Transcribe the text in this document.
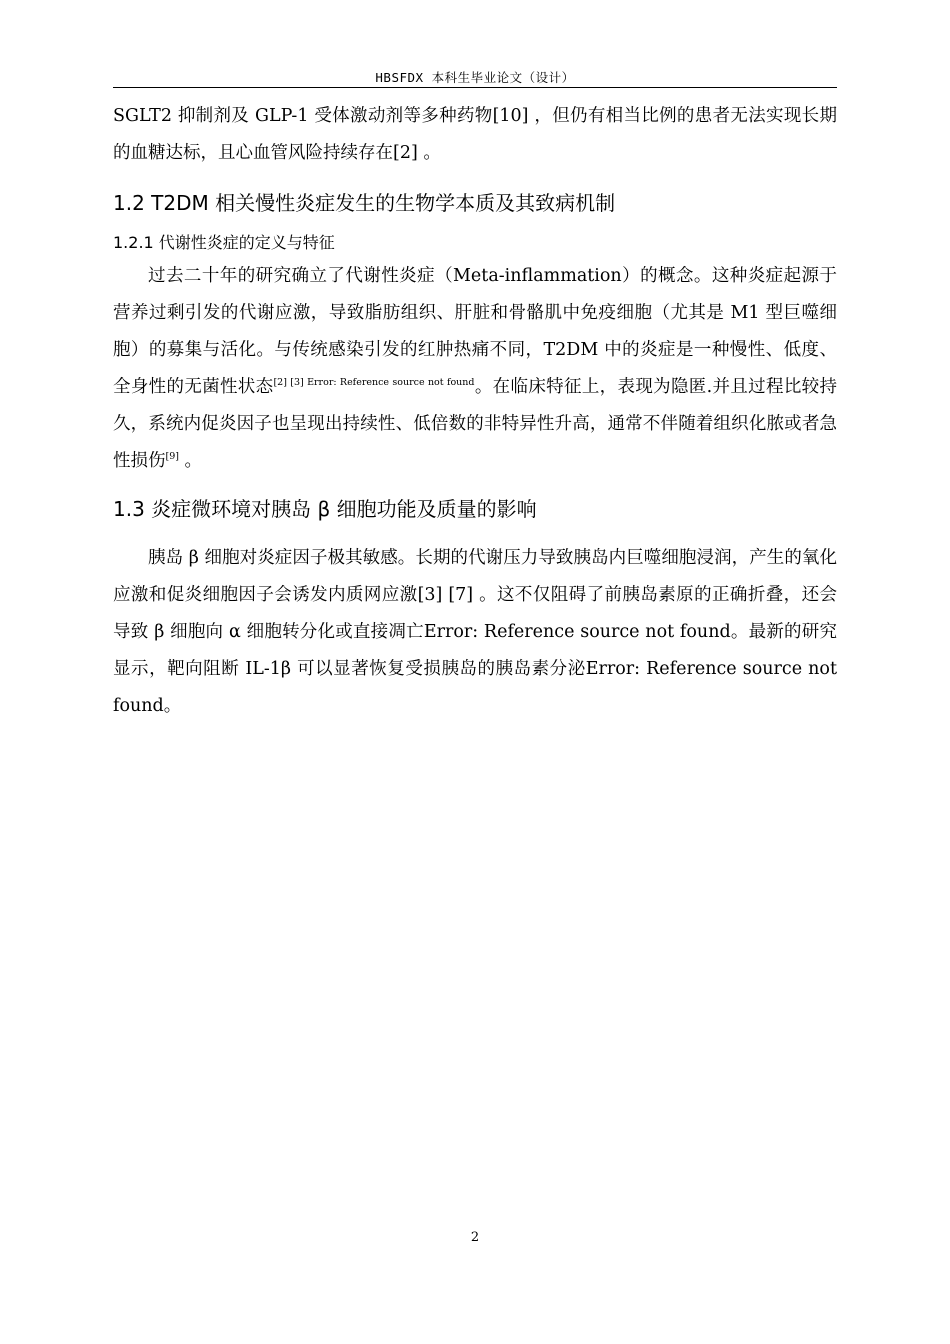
HBSFDX 本科生毕业论文（设计）

SGLT2 抑制剂及 GLP-1 受体激动剂等多种药物[10] ，但仍有相当比例的患者无法实现长期的血糖达标，且心血管风险持续存在[2] 。

1.2 T2DM 相关慢性炎症发生的生物学本质及其致病机制
1.2.1 代谢性炎症的定义与特征

过去二十年的研究确立了代谢性炎症（Meta-inflammation）的概念。这种炎症起源于营养过剩引发的代谢应激，导致脂肪组织、肝脏和骨骼肌中免疫细胞（尤其是 M1 型巨噬细胞）的募集与活化。与传统感染引发的红肿热痛不同，T2DM 中的炎症是一种慢性、低度、全身性的无菌性状态$^{[2] [3] Error: Reference source not found}$。在临床特征上，表现为隐匿.并且过程比较持久，系统内促炎因子也呈现出持续性、低倍数的非特异性升高，通常不伴随着组织化脓或者急性损伤[9] 。

1.3 炎症微环境对胰岛 β 细胞功能及质量的影响

胰岛 β 细胞对炎症因子极其敏感。长期的代谢压力导致胰岛内巨噬细胞浸润，产生的氧化应激和促炎细胞因子会诱发内质网应激[3] [7] 。这不仅阻碍了前胰岛素原的正确折叠，还会导致 β 细胞向 α 细胞转分化或直接凋亡Error: Reference source not found。最新的研究显示，靶向阻断 IL-1β 可以显著恢复受损胰岛的胰岛素分泌Error: Reference source not found。

2
